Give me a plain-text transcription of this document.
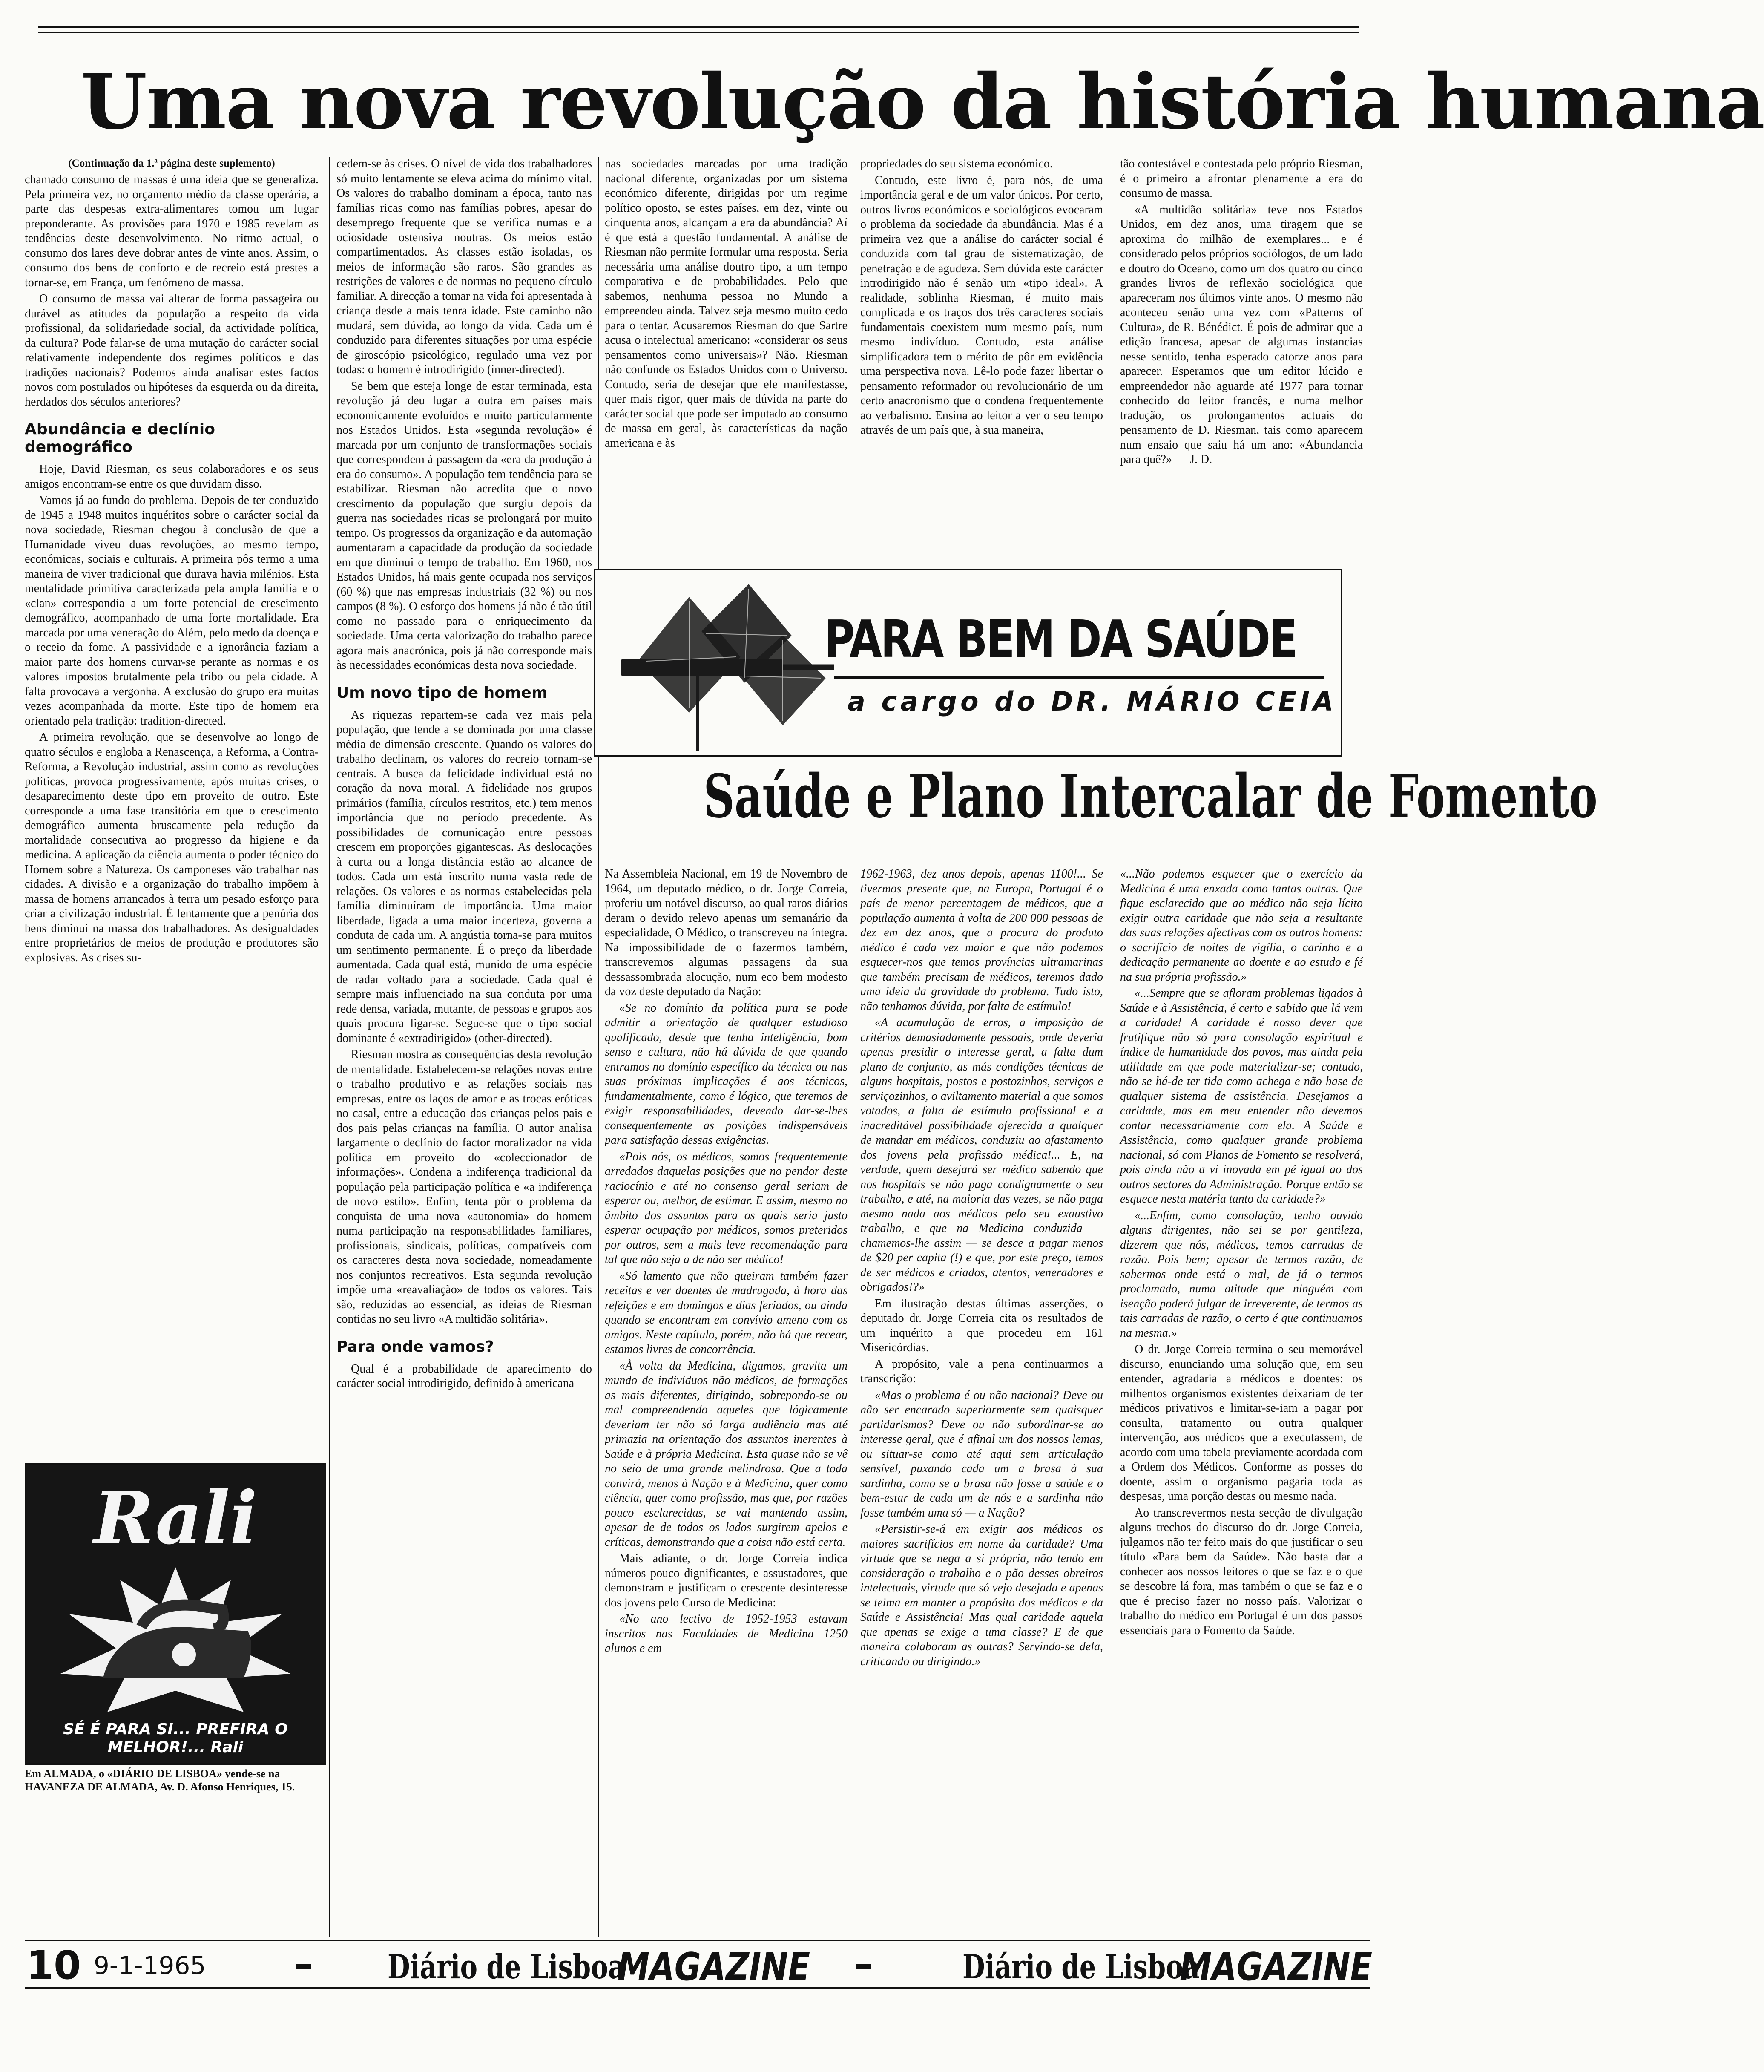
Uma nova revolução da história humana
(Continuação da 1.ª página deste suplemento)

chamado consumo de massas é uma ideia que se generaliza. Pela primeira vez, no orçamento médio da classe operária, a parte das despesas extra-alimentares tomou um lugar preponderante. As provisões para 1970 e 1985 revelam as tendências deste desenvolvimento. No ritmo actual, o consumo dos lares deve dobrar antes de vinte anos. Assim, o consumo dos bens de conforto e de recreio está prestes a tornar-se, em França, um fenómeno de massa.

O consumo de massa vai alterar de forma passageira ou durável as atitudes da população a respeito da vida profissional, da solidariedade social, da actividade política, da cultura? Pode falar-se de uma mutação do carácter social relativamente independente dos regimes políticos e das tradições nacionais? Podemos ainda analisar estes factos novos com postulados ou hipóteses da esquerda ou da direita, herdados dos séculos anteriores?

Abundância e declínio demográfico

Hoje, David Riesman, os seus colaboradores e os seus amigos encontram-se entre os que duvidam disso.

Vamos já ao fundo do problema. Depois de ter conduzido de 1945 a 1948 muitos inquéritos sobre o carácter social da nova sociedade, Riesman chegou à conclusão de que a Humanidade viveu duas revoluções, ao mesmo tempo, económicas, sociais e culturais. A primeira pôs termo a uma maneira de viver tradicional que durava havia milénios. Esta mentalidade primitiva caracterizada pela ampla família e o «clan» correspondia a um forte potencial de crescimento demográfico, acompanhado de uma forte mortalidade. Era marcada por uma veneração do Além, pelo medo da doença e o receio da fome. A passividade e a ignorância faziam a maior parte dos homens curvar-se perante as normas e os valores impostos brutalmente pela tribo ou pela cidade. A falta provocava a vergonha. A exclusão do grupo era muitas vezes acompanhada da morte. Este tipo de homem era orientado pela tradição: tradition-directed.

A primeira revolução, que se desenvolve ao longo de quatro séculos e engloba a Renascença, a Reforma, a Contra-Reforma, a Revolução industrial, assim como as revoluções políticas, provoca progressivamente, após muitas crises, o desaparecimento deste tipo em proveito de outro. Este corresponde a uma fase transitória em que o crescimento demográfico aumenta bruscamente pela redução da mortalidade consecutiva ao progresso da higiene e da medicina. A aplicação da ciência aumenta o poder técnico do Homem sobre a Natureza. Os camponeses vão trabalhar nas cidades. A divisão e a organização do trabalho impõem à massa de homens arrancados à terra um pesado esforço para criar a civilização industrial. É lentamente que a penúria dos bens diminui na massa dos trabalhadores. As desigualdades entre proprietários de meios de produção e produtores são explosivas. As crises su-

cedem-se às crises. O nível de vida dos trabalhadores só muito lentamente se eleva acima do mínimo vital. Os valores do trabalho dominam a época, tanto nas famílias ricas como nas famílias pobres, apesar do desemprego frequente que se verifica numas e a ociosidade ostensiva noutras. Os meios estão compartimentados. As classes estão isoladas, os meios de informação são raros. São grandes as restrições de valores e de normas no pequeno círculo familiar. A direcção a tomar na vida foi apresentada à criança desde a mais tenra idade. Este caminho não mudará, sem dúvida, ao longo da vida. Cada um é conduzido para diferentes situações por uma espécie de giroscópio psicológico, regulado uma vez por todas: o homem é introdirigido (inner-directed).

Se bem que esteja longe de estar terminada, esta revolução já deu lugar a outra em países mais economicamente evoluídos e muito particularmente nos Estados Unidos. Esta «segunda revolução» é marcada por um conjunto de transformações sociais que correspondem à passagem da «era da produção à era do consumo». A população tem tendência para se estabilizar. Riesman não acredita que o novo crescimento da população que surgiu depois da guerra nas sociedades ricas se prolongará por muito tempo. Os progressos da organização e da automação aumentaram a capacidade da produção da sociedade em que diminui o tempo de trabalho. Em 1960, nos Estados Unidos, há mais gente ocupada nos serviços (60 %) que nas empresas industriais (32 %) ou nos campos (8 %). O esforço dos homens já não é tão útil como no passado para o enriquecimento da sociedade. Uma certa valorização do trabalho parece agora mais anacrónica, pois já não corresponde mais às necessidades económicas desta nova sociedade.

Um novo tipo de homem

As riquezas repartem-se cada vez mais pela população, que tende a se dominada por uma classe média de dimensão crescente. Quando os valores do trabalho declinam, os valores do recreio tornam-se centrais. A busca da felicidade individual está no coração da nova moral. A fidelidade nos grupos primários (família, círculos restritos, etc.) tem menos importância que no período precedente. As possibilidades de comunicação entre pessoas crescem em proporções gigantescas. As deslocações à curta ou a longa distância estão ao alcance de todos. Cada um está inscrito numa vasta rede de relações. Os valores e as normas estabelecidas pela família diminuíram de importância. Uma maior liberdade, ligada a uma maior incerteza, governa a conduta de cada um. A angústia torna-se para muitos um sentimento permanente. É o preço da liberdade aumentada. Cada qual está, munido de uma espécie de radar voltado para a sociedade. Cada qual é sempre mais influenciado na sua conduta por uma rede densa, variada, mutante, de pessoas e grupos aos quais procura ligar-se. Segue-se que o tipo social dominante é «extradirigido» (other-directed).

Riesman mostra as consequências desta revolução de mentalidade. Estabelecem-se relações novas entre o trabalho produtivo e as relações sociais nas empresas, entre os laços de amor e as trocas eróticas no casal, entre a educação das crianças pelos pais e dos pais pelas crianças na família. O autor analisa largamente o declínio do factor moralizador na vida política em proveito do «coleccionador de informações». Condena a indiferença tradicional da população pela participação política e «a indiferença de novo estilo». Enfim, tenta pôr o problema da conquista de uma nova «autonomia» do homem numa participação na responsabilidades familiares, profissionais, sindicais, políticas, compatíveis com os caracteres desta nova sociedade, nomeadamente nos conjuntos recreativos. Esta segunda revolução impõe uma «reavaliação» de todos os valores. Tais são, reduzidas ao essencial, as ideias de Riesman contidas no seu livro «A multidão solitária».

Para onde vamos?

Qual é a probabilidade de aparecimento do carácter social introdirigido, definido à americana

nas sociedades marcadas por uma tradição nacional diferente, organizadas por um sistema económico diferente, dirigidas por um regime político oposto, se estes países, em dez, vinte ou cinquenta anos, alcançam a era da abundância? Aí é que está a questão fundamental. A análise de Riesman não permite formular uma resposta. Seria necessária uma análise doutro tipo, a um tempo comparativa e de probabilidades. Pelo que sabemos, nenhuma pessoa no Mundo a empreendeu ainda. Talvez seja mesmo muito cedo para o tentar. Acusaremos Riesman do que Sartre acusa o intelectual americano: «considerar os seus pensamentos como universais»? Não. Riesman não confunde os Estados Unidos com o Universo. Contudo, seria de desejar que ele manifestasse, quer mais rigor, quer mais de dúvida na parte do carácter social que pode ser imputado ao consumo de massa em geral, às características da nação americana e às

propriedades do seu sistema económico.

Contudo, este livro é, para nós, de uma importância geral e de um valor únicos. Por certo, outros livros económicos e sociológicos evocaram o problema da sociedade da abundância. Mas é a primeira vez que a análise do carácter social é conduzida com tal grau de sistematização, de penetração e de agudeza. Sem dúvida este carácter introdirigido não é senão um «tipo ideal». A realidade, soblinha Riesman, é muito mais complicada e os traços dos três caracteres sociais fundamentais coexistem num mesmo país, num mesmo indivíduo. Contudo, esta análise simplificadora tem o mérito de pôr em evidência uma perspectiva nova. Lê-lo pode fazer libertar o pensamento reformador ou revolucionário de um certo anacronismo que o condena frequentemente ao verbalismo. Ensina ao leitor a ver o seu tempo através de um país que, à sua maneira,

tão contestável e contestada pelo próprio Riesman, é o primeiro a afrontar plenamente a era do consumo de massa.

«A multidão solitária» teve nos Estados Unidos, em dez anos, uma tiragem que se aproxima do milhão de exemplares... e é considerado pelos próprios sociólogos, de um lado e doutro do Oceano, como um dos quatro ou cinco grandes livros de reflexão sociológica que apareceram nos últimos vinte anos. O mesmo não aconteceu senão uma vez com «Patterns of Cultura», de R. Bénédict. É pois de admirar que a edição francesa, apesar de algumas instancias nesse sentido, tenha esperado catorze anos para aparecer. Esperamos que um editor lúcido e empreendedor não aguarde até 1977 para tornar conhecido do leitor francês, e numa melhor tradução, os prolongamentos actuais do pensamento de D. Riesman, tais como aparecem num ensaio que saiu há um ano: «Abundancia para quê?» — J. D.

PARA BEM DA SAÚDE
a cargo do DR. MÁRIO CEIA
Saúde e Plano Intercalar de Fomento

Na Assembleia Nacional, em 19 de Novembro de 1964, um deputado médico, o dr. Jorge Correia, proferiu um notável discurso, ao qual raros diários deram o devido relevo apenas um semanário da especialidade, O Médico, o transcreveu na íntegra. Na impossibilidade de o fazermos também, transcrevemos algumas passagens da sua dessassombrada alocução, num eco bem modesto da voz deste deputado da Nação:

«Se no domínio da política pura se pode admitir a orientação de qualquer estudioso qualificado, desde que tenha inteligência, bom senso e cultura, não há dúvida de que quando entramos no domínio específico da técnica ou nas suas próximas implicações é aos técnicos, fundamentalmente, como é lógico, que teremos de exigir responsabilidades, devendo dar-se-lhes consequentemente as posições indispensáveis para satisfação dessas exigências.

«Pois nós, os médicos, somos frequentemente arredados daquelas posições que no pendor deste raciocínio e até no consenso geral seriam de esperar ou, melhor, de estimar. E assim, mesmo no âmbito dos assuntos para os quais seria justo esperar ocupação por médicos, somos preteridos por outros, sem a mais leve recomendação para tal que não seja a de não ser médico!

«Só lamento que não queiram também fazer receitas e ver doentes de madrugada, à hora das refeições e em domingos e dias feriados, ou ainda quando se encontram em convívio ameno com os amigos. Neste capítulo, porém, não há que recear, estamos livres de concorrência.

«À volta da Medicina, digamos, gravita um mundo de indivíduos não médicos, de formações as mais diferentes, dirigindo, sobrepondo-se ou mal compreendendo aqueles que lógicamente deveriam ter não só larga audiência mas até primazia na orientação dos assuntos inerentes à Saúde e à própria Medicina. Esta quase não se vê no seio de uma grande melindrosa. Que a toda convirá, menos à Nação e à Medicina, quer como ciência, quer como profissão, mas que, por razões pouco esclarecidas, se vai mantendo assim, apesar de de todos os lados surgirem apelos e críticas, demonstrando que a coisa não está certa.

Mais adiante, o dr. Jorge Correia indica números pouco dignificantes, e assustadores, que demonstram e justificam o crescente desinteresse dos jovens pelo Curso de Medicina:

«No ano lectivo de 1952-1953 estavam inscritos nas Faculdades de Medicina 1250 alunos e em

1962-1963, dez anos depois, apenas 1100!... Se tivermos presente que, na Europa, Portugal é o país de menor percentagem de médicos, que a população aumenta à volta de 200 000 pessoas de dez em dez anos, que a procura do produto médico é cada vez maior e que não podemos esquecer-nos que temos províncias ultramarinas que também precisam de médicos, teremos dado uma ideia da gravidade do problema. Tudo isto, não tenhamos dúvida, por falta de estímulo!

«A acumulação de erros, a imposição de critérios demasiadamente pessoais, onde deveria apenas presidir o interesse geral, a falta dum plano de conjunto, as más condições técnicas de alguns hospitais, postos e postozinhos, serviços e serviçozinhos, o aviltamento material a que somos votados, a falta de estímulo profissional e a inacreditável possibilidade oferecida a qualquer de mandar em médicos, conduziu ao afastamento dos jovens pela profissão médica!... E, na verdade, quem desejará ser médico sabendo que nos hospitais se não paga condignamente o seu trabalho, e até, na maioria das vezes, se não paga mesmo nada aos médicos pelo seu exaustivo trabalho, e que na Medicina conduzida — chamemos-lhe assim — se desce a pagar menos de $20 per capita (!) e que, por este preço, temos de ser médicos e criados, atentos, veneradores e obrigados!?»

Em ilustração destas últimas asserções, o deputado dr. Jorge Correia cita os resultados de um inquérito a que procedeu em 161 Misericórdias.

A propósito, vale a pena continuarmos a transcrição:

«Mas o problema é ou não nacional? Deve ou não ser encarado superiormente sem quaisquer partidarismos? Deve ou não subordinar-se ao interesse geral, que é afinal um dos nossos lemas, ou situar-se como até aqui sem articulação sensível, puxando cada um a brasa à sua sardinha, como se a brasa não fosse a saúde e o bem-estar de cada um de nós e a sardinha não fosse também uma só — a Nação?

«Persistir-se-á em exigir aos médicos os maiores sacrifícios em nome da caridade? Uma virtude que se nega a si própria, não tendo em consideração o trabalho e o pão desses obreiros intelectuais, virtude que só vejo desejada e apenas se teima em manter a propósito dos médicos e da Saúde e Assistência! Mas qual caridade aquela que apenas se exige a uma classe? E de que maneira colaboram as outras? Servindo-se dela, criticando ou dirigindo.»

«...Não podemos esquecer que o exercício da Medicina é uma enxada como tantas outras. Que fique esclarecido que ao médico não seja lícito exigir outra caridade que não seja a resultante das suas relações afectivas com os outros homens: o sacrifício de noites de vigília, o carinho e a dedicação permanente ao doente e ao estudo e fé na sua própria profissão.»

«...Sempre que se afloram problemas ligados à Saúde e à Assistência, é certo e sabido que lá vem a caridade! A caridade é nosso dever que frutifique não só para consolação espiritual e índice de humanidade dos povos, mas ainda pela utilidade em que pode materializar-se; contudo, não se há-de ter tida como achega e não base de qualquer sistema de assistência. Desejamos a caridade, mas em meu entender não devemos contar necessariamente com ela. A Saúde e Assistência, como qualquer grande problema nacional, só com Planos de Fomento se resolverá, pois ainda não a vi inovada em pé igual ao dos outros sectores da Administração. Porque então se esquece nesta matéria tanto da caridade?»

«...Enfim, como consolação, tenho ouvido alguns dirigentes, não sei se por gentileza, dizerem que nós, médicos, temos carradas de razão. Pois bem; apesar de termos razão, de sabermos onde está o mal, de já o termos proclamado, numa atitude que ninguém com isenção poderá julgar de irreverente, de termos as tais carradas de razão, o certo é que continuamos na mesma.»

O dr. Jorge Correia termina o seu memorável discurso, enunciando uma solução que, em seu entender, agradaria a médicos e doentes: os milhentos organismos existentes deixariam de ter médicos privativos e limitar-se-iam a pagar por consulta, tratamento ou outra qualquer intervenção, aos médicos que a executassem, de acordo com uma tabela previamente acordada com a Ordem dos Médicos. Conforme as posses do doente, assim o organismo pagaria toda as despesas, uma porção destas ou mesmo nada.

Ao transcrevermos nesta secção de divulgação alguns trechos do discurso do dr. Jorge Correia, julgamos não ter feito mais do que justificar o seu título «Para bem da Saúde». Não basta dar a conhecer aos nossos leitores o que se faz e o que se descobre lá fora, mas também o que se faz e o que é preciso fazer no nosso país. Valorizar o trabalho do médico em Portugal é um dos passos essenciais para o Fomento da Saúde.

Rali
SÉ É PARA SI... PREFIRA O MELHOR!... Rali
Em ALMADA, o «DIÁRIO DE LISBOA» vende-se na HAVANEZA DE ALMADA, Av. D. Afonso Henriques, 15.
10 9-1-1965	Diário de Lisboa
MAGAZINE	Diário de Lisboa
MAGAZINE
